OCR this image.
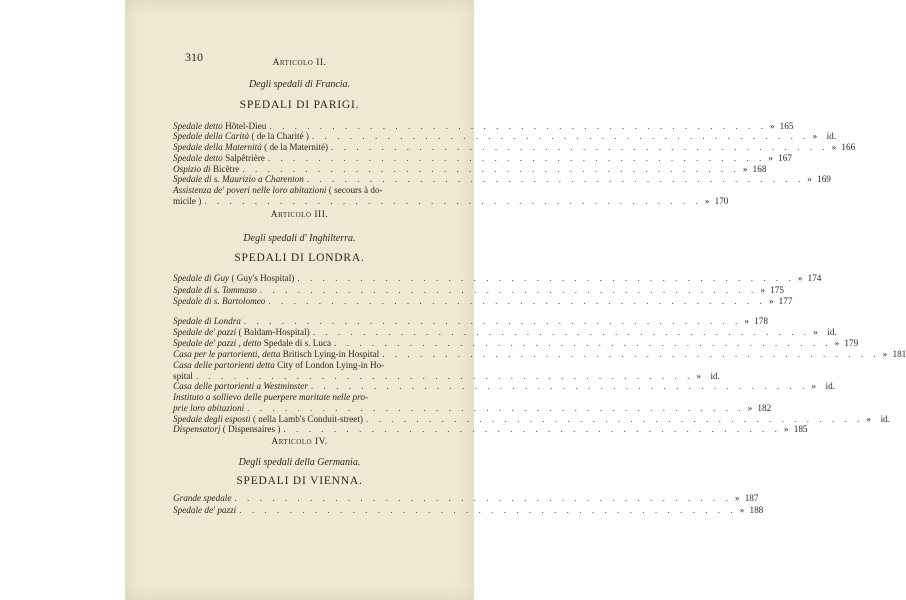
310	Articolo II.
Degli spedali di Francia.
SPEDALI DI PARIGI.
Spedale detto Hôtel-Dieu . . . . . . . . . . . . . . . . . . . . . . . . . . . . . . . . . . . . . . . . » 165
Spedale della Carità ( de la Charité ) . . . . . . . . . . . . . . . . . . . . . . . . . . . . . . . . . . . . . . . . »	id.
Spedale della Maternità ( de la Maternité) . . . . . . . . . . . . . . . . . . . . . . . . . . . . . . . . . . . . . . . . » 166
Spedale detto Salpêtrière . . . . . . . . . . . . . . . . . . . . . . . . . . . . . . . . . . . . . . . . » 167
Ospizio di Bicêtre . . . . . . . . . . . . . . . . . . . . . . . . . . . . . . . . . . . . . . . . » 168
Spedale di s. Maurizio a Charenton . . . . . . . . . . . . . . . . . . . . . . . . . . . . . . . . . . . . . . . . » 169
Assistenza de' poveri nelle loro abitazioni ( secours à do-
micile ) . . . . . . . . . . . . . . . . . . . . . . . . . . . . . . . . . . . . . . . . » 170
Articolo III.
Degli spedali d' Inghilterra.
SPEDALI DI LONDRA.
Spedale di Guy ( Guy's Hospital) . . . . . . . . . . . . . . . . . . . . . . . . . . . . . . . . . . . . . . . . » 174
Spedale di s. Tommaso . . . . . . . . . . . . . . . . . . . . . . . . . . . . . . . . . . . . . . . . » 175
Spedale di s. Bartolomeo . . . . . . . . . . . . . . . . . . . . . . . . . . . . . . . . . . . . . . . . » 177
Spedale di Londra . . . . . . . . . . . . . . . . . . . . . . . . . . . . . . . . . . . . . . . . » 178
Spedale de' pazzi ( Baldam-Hospital) . . . . . . . . . . . . . . . . . . . . . . . . . . . . . . . . . . . . . . . . »	id.
Spedale de' pazzi , detto Spedale di s. Luca . . . . . . . . . . . . . . . . . . . . . . . . . . . . . . . . . . . . . . . . » 179
Casa per le partorienti, detta Britisch Lying-in Hospital . . . . . . . . . . . . . . . . . . . . . . . . . . . . . . . . . . . . . . . . » 181
Casa delle partorienti detta City of London Lying-in Ho-
spital . . . . . . . . . . . . . . . . . . . . . . . . . . . . . . . . . . . . . . . . »	id.
Casa delle partorienti a Westminster . . . . . . . . . . . . . . . . . . . . . . . . . . . . . . . . . . . . . . . . »	id.
Instituto a sollievo delle puerpere maritate nelle pro-
prie loro abitazioni . . . . . . . . . . . . . . . . . . . . . . . . . . . . . . . . . . . . . . . . » 182
Spedale degli esposti ( nella Lamb's Conduit-street) . . . . . . . . . . . . . . . . . . . . . . . . . . . . . . . . . . . . . . . . »	id.
Dispensatorj ( Dispensaires ) . . . . . . . . . . . . . . . . . . . . . . . . . . . . . . . . . . . . . . . . » 185
Articolo IV.
Degli spedali della Germania.
SPEDALI DI VIENNA.
Grande spedale . . . . . . . . . . . . . . . . . . . . . . . . . . . . . . . . . . . . . . . . » 187
Spedale de' pazzi . . . . . . . . . . . . . . . . . . . . . . . . . . . . . . . . . . . . . . . . » 188
